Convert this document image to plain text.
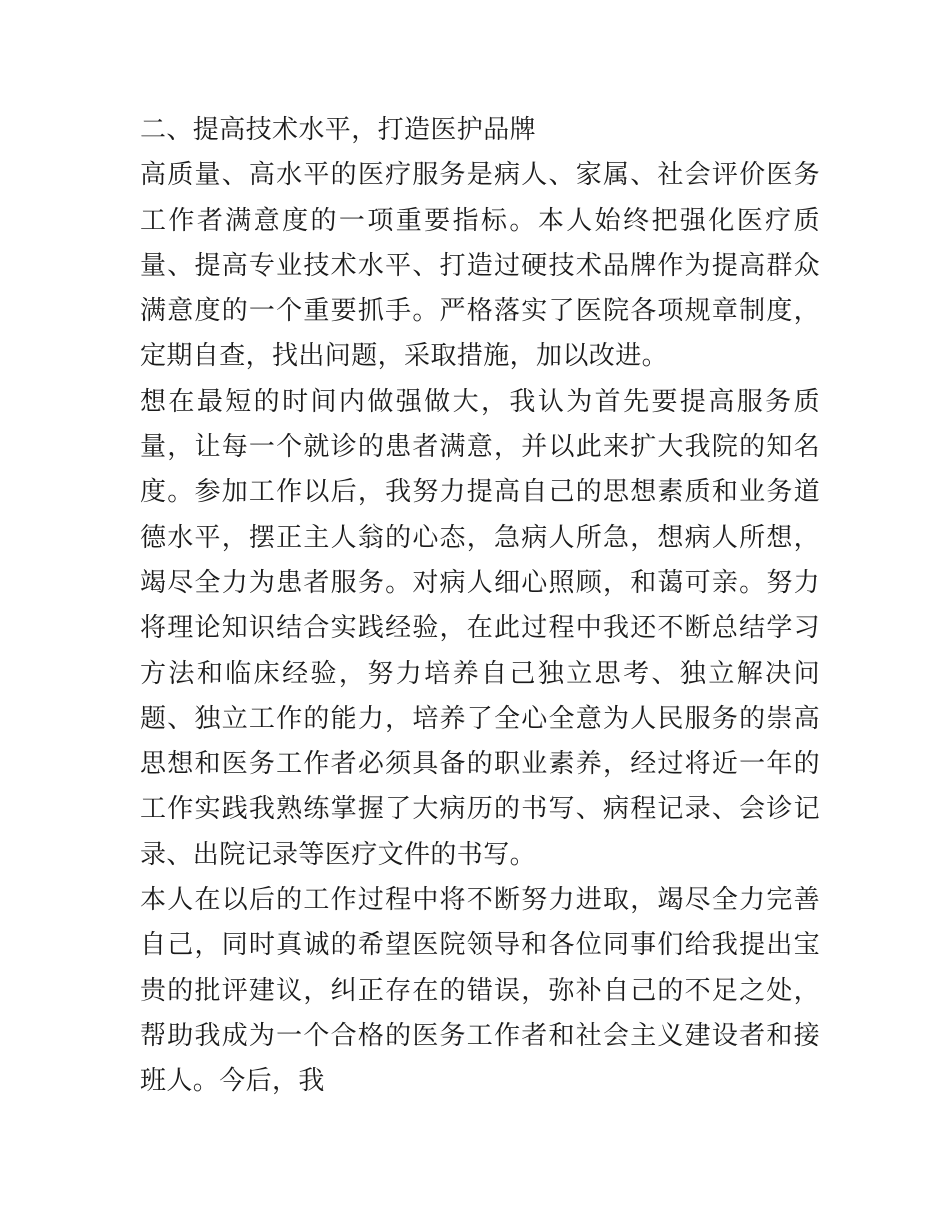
二、提高技术水平，打造医护品牌

高质量、高水平的医疗服务是病人、家属、社会评价医务工作者满意度的一项重要指标。本人始终把强化医疗质量、提高专业技术水平、打造过硬技术品牌作为提高群众满意度的一个重要抓手。严格落实了医院各项规章制度，定期自查，找出问题，采取措施，加以改进。

想在最短的时间内做强做大，我认为首先要提高服务质量，让每一个就诊的患者满意，并以此来扩大我院的知名度。参加工作以后，我努力提高自己的思想素质和业务道德水平，摆正主人翁的心态，急病人所急，想病人所想，竭尽全力为患者服务。对病人细心照顾，和蔼可亲。努力将理论知识结合实践经验，在此过程中我还不断总结学习方法和临床经验，努力培养自己独立思考、独立解决问题、独立工作的能力，培养了全心全意为人民服务的崇高思想和医务工作者必须具备的职业素养，经过将近一年的工作实践我熟练掌握了大病历的书写、病程记录、会诊记录、出院记录等医疗文件的书写。

本人在以后的工作过程中将不断努力进取，竭尽全力完善自己，同时真诚的希望医院领导和各位同事们给我提出宝贵的批评建议，纠正存在的错误，弥补自己的不足之处，帮助我成为一个合格的医务工作者和社会主义建设者和接班人。今后，我
